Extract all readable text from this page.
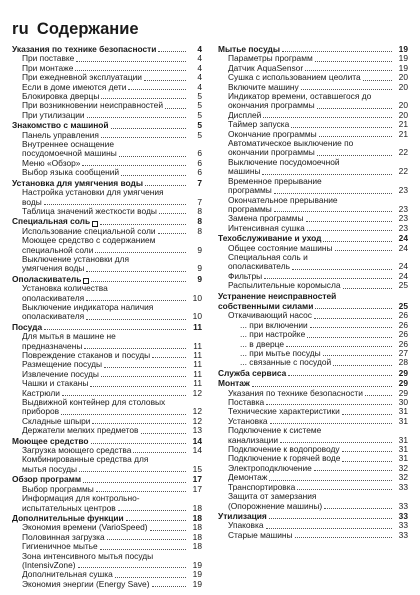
ru Содержание
Указания по технике безопасности	4
При поставке	4
При монтаже	4
При ежедневной эксплуатации	4
Если в доме имеются дети	4
Блокировка дверцы	5
При возникновении неисправностей	5
При утилизации	5
Знакомство с машиной	5
Панель управления	5
Внутреннее оснащение
посудомоечной машины	6
Меню «Обзор»	6
Выбор языка сообщений	6
Установка для умягчения воды	7
Настройка установки для умягчения
воды	7
Таблица значений жесткости воды	8
Специальная соль	8
Использование специальной соли	8
Моющее средство с содержанием
специальной соли	9
Выключение установки для
умягчения воды	9
Ополаскиватель	9
Установка количества
ополаскивателя	10
Выключение индикатора наличия
ополаскивателя	10
Посуда	11
Для мытья в машине не
предназначены	11
Повреждение стаканов и посуды	11
Размещение посуды	11
Извлечение посуды	11
Чашки и стаканы	11
Кастрюли	12
Выдвижной контейнер для столовых
приборов	12
Складные шпыри	12
Держатели мелких предметов	13
Моющее средство	14
Загрузка моющего средства	14
Комбинированные средства для
мытья посуды	15
Обзор программ	17
Выбор программы	17
Информация для контрольно-
испытательных центров	18
Дополнительные функции	18
Экономия времени (VarioSpeed)	18
Половинная загрузка	18
Гигиеничное мытье	18
Зона интенсивного мытья посуды
(IntensivZone)	19
Дополнительная сушка	19
Экономия энергии (Energy Save)	19
Мытье посуды	19
Параметры программ	19
Датчик AquaSensor	19
Сушка с использованием цеолита	20
Включите машину	20
Индикатор времени, оставшегося до
окончания программы	20
Дисплей	20
Таймер запуска	21
Окончание программы	21
Автоматическое выключение по
окончании программы	22
Выключение посудомоечной
машины	22
Временное прерывание
программы	23
Окончательное прерывание
программы	23
Замена программы	23
Интенсивная сушка	23
Техобслуживание и уход	24
Общее состояние машины	24
Специальная соль и
ополаскиватель	24
Фильтры	24
Распылительные коромысла	25
Устранение неисправностей
собственными силами	25
Откачивающий насос	26
... при включении	26
... при настройке	26
... в дверце	26
... при мытье посуды	27
... связанные с посудой	28
Служба сервиса	29
Монтаж	29
Указания по технике безопасности	29
Поставка	30
Технические характеристики	31
Установка	31
Подключение к системе
канализации	31
Подключение к водопроводу	31
Подключение к горячей воде	31
Электроподключение	32
Демонтаж	32
Транспортировка	33
Защита от замерзания
(Опорожнение машины)	33
Утилизация	33
Упаковка	33
Старые машины	33
